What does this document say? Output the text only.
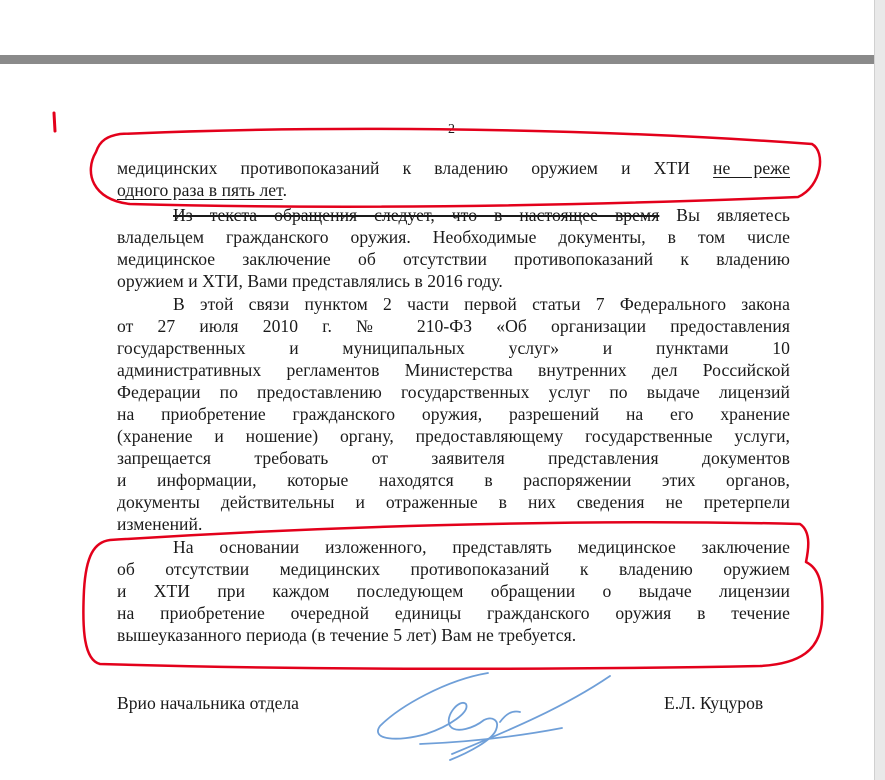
2
медицинских противопоказаний к владению оружием и ХТИ не реже
одного раза в пять лет.
Из текста обращения следует, что в настоящее время Вы являетесь
владельцем гражданского оружия. Необходимые документы, в том числе
медицинское заключение об отсутствии противопоказаний к владению
оружием и ХТИ, Вами представлялись в 2016 году.
В этой связи пунктом 2 части первой статьи 7 Федерального закона
от 27 июля 2010 г. № 210-ФЗ «Об организации предоставления
государственных и муниципальных услуг» и пунктами 10
административных регламентов Министерства внутренних дел Российской
Федерации по предоставлению государственных услуг по выдаче лицензий
на приобретение гражданского оружия, разрешений на его хранение
(хранение и ношение) органу, предоставляющему государственные услуги,
запрещается требовать от заявителя представления документов
и информации, которые находятся в распоряжении этих органов,
документы действительны и отраженные в них сведения не претерпели
изменений.
На основании изложенного, представлять медицинское заключение
об отсутствии медицинских противопоказаний к владению оружием
и ХТИ при каждом последующем обращении о выдаче лицензии
на приобретение очередной единицы гражданского оружия в течение
вышеуказанного периода (в течение 5 лет) Вам не требуется.
Врио начальника отдела	Е.Л. Куцуров
